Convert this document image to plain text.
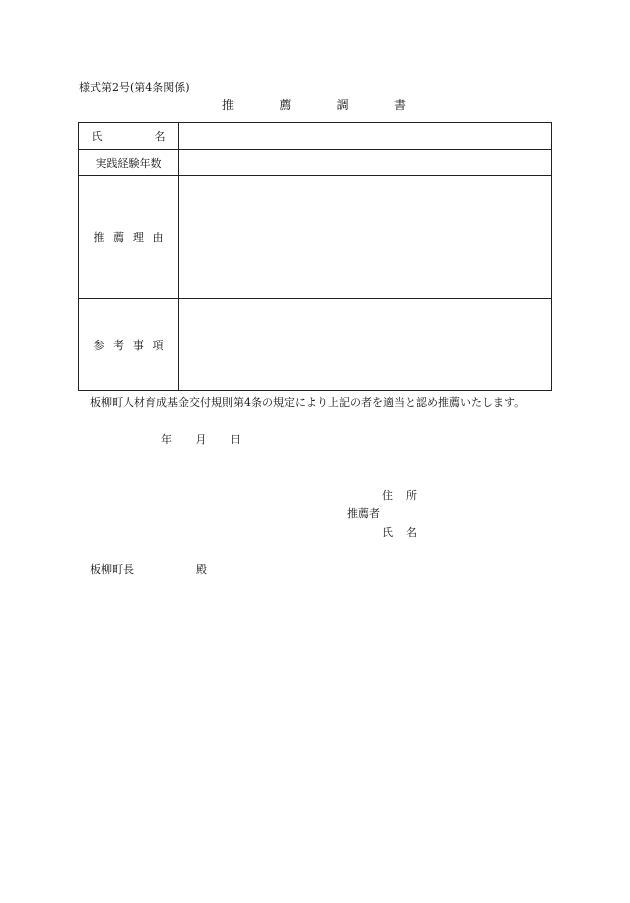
様式第2号(第4条関係)
推	薦	調	書
氏 名	

実践経験年数	

推 薦 理 由	

参 考 事 項	

板柳町人材育成基金交付規則第4条の規定により上記の者を適当と認め推薦いたします。
年 月 日
住 所
推薦者
氏 名
板柳町長	殿
